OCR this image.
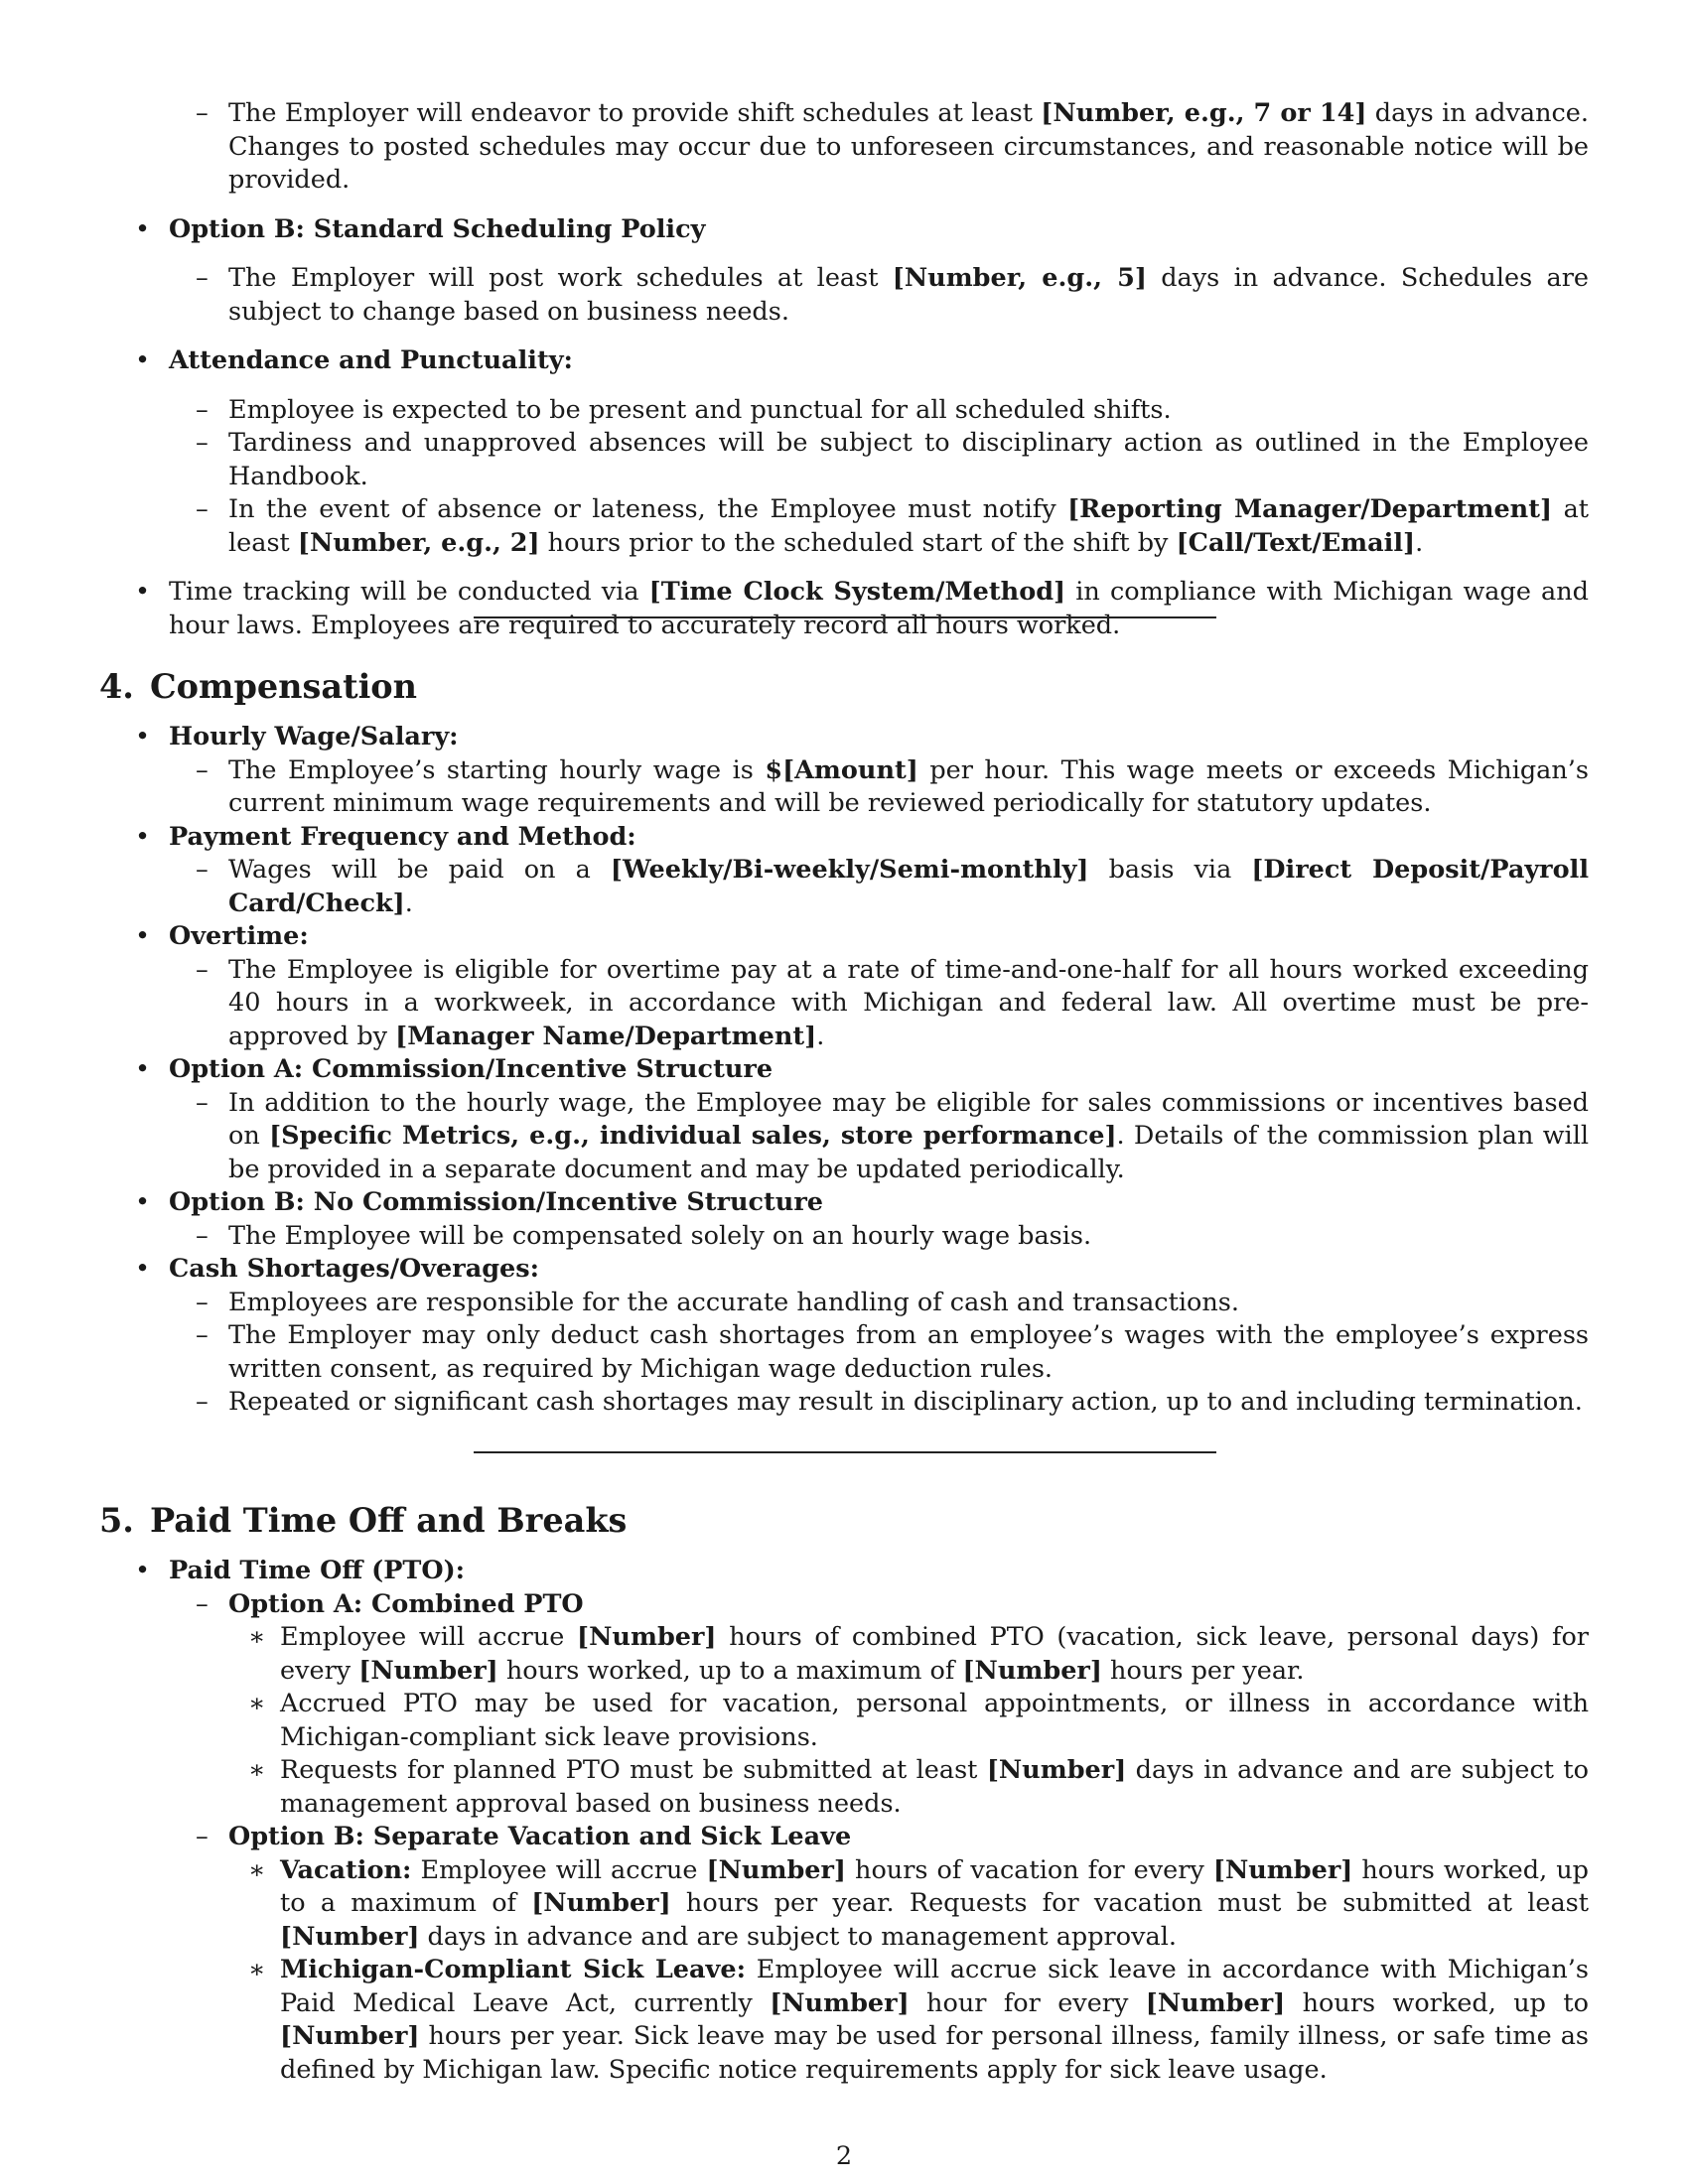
– The Employer will endeavor to provide shift schedules at least [Number, e.g., 7 or 14] days in advance. Changes to posted schedules may occur due to unforeseen circumstances, and reasonable notice will be provided.
• Option B: Standard Scheduling Policy
– The Employer will post work schedules at least [Number, e.g., 5] days in advance. Schedules are subject to change based on business needs.
• Attendance and Punctuality:
– Employee is expected to be present and punctual for all scheduled shifts.
– Tardiness and unapproved absences will be subject to disciplinary action as outlined in the Employee Handbook.
– In the event of absence or lateness, the Employee must notify [Reporting Manager/Department] at least [Number, e.g., 2] hours prior to the scheduled start of the shift by [Call/Text/Email].
• Time tracking will be conducted via [Time Clock System/Method] in compliance with Michigan wage and hour laws. Employees are required to accurately record all hours worked.
4. Compensation
• Hourly Wage/Salary:
– The Employee’s starting hourly wage is $[Amount] per hour. This wage meets or exceeds Michigan’s current minimum wage requirements and will be reviewed periodically for statutory updates.
• Payment Frequency and Method:
– Wages will be paid on a [Weekly/Bi-weekly/Semi-monthly] basis via [Direct Deposit/Payroll Card/Check].
• Overtime:
– The Employee is eligible for overtime pay at a rate of time-and-one-half for all hours worked exceeding 40 hours in a workweek, in accordance with Michigan and federal law. All overtime must be pre-approved by [Manager Name/Department].
• Option A: Commission/Incentive Structure
– In addition to the hourly wage, the Employee may be eligible for sales commissions or incentives based on [Specific Metrics, e.g., individual sales, store performance]. Details of the commission plan will be provided in a separate document and may be updated periodically.
• Option B: No Commission/Incentive Structure
– The Employee will be compensated solely on an hourly wage basis.
• Cash Shortages/Overages:
– Employees are responsible for the accurate handling of cash and transactions.
– The Employer may only deduct cash shortages from an employee’s wages with the employee’s express written consent, as required by Michigan wage deduction rules.
– Repeated or significant cash shortages may result in disciplinary action, up to and including termination.
5. Paid Time Off and Breaks
• Paid Time Off (PTO):
– Option A: Combined PTO
∗ Employee will accrue [Number] hours of combined PTO (vacation, sick leave, personal days) for every [Number] hours worked, up to a maximum of [Number] hours per year.
∗ Accrued PTO may be used for vacation, personal appointments, or illness in accordance with Michigan-compliant sick leave provisions.
∗ Requests for planned PTO must be submitted at least [Number] days in advance and are subject to management approval based on business needs.
– Option B: Separate Vacation and Sick Leave
∗ Vacation: Employee will accrue [Number] hours of vacation for every [Number] hours worked, up to a maximum of [Number] hours per year. Requests for vacation must be submitted at least [Number] days in advance and are subject to management approval.
∗ Michigan-Compliant Sick Leave: Employee will accrue sick leave in accordance with Michigan’s Paid Medical Leave Act, currently [Number] hour for every [Number] hours worked, up to [Number] hours per year. Sick leave may be used for personal illness, family illness, or safe time as defined by Michigan law. Specific notice requirements apply for sick leave usage.
2
